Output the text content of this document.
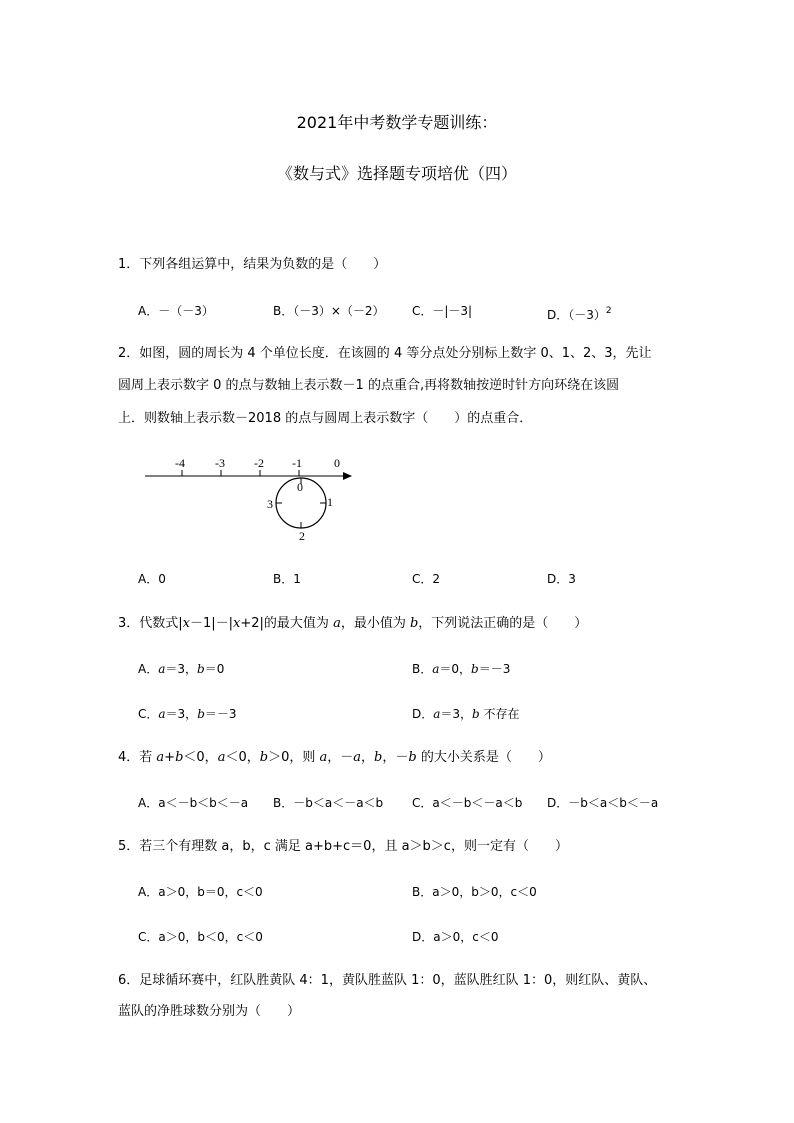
2021年中考数学专题训练：
《数与式》选择题专项培优（四）
1．下列各组运算中，结果为负数的是（　　）
A．－（－3）	B．（－3）×（－2） C．－|－3|	D．$(-3)^2$
2．如图，圆的周长为 4 个单位长度．在该圆的 4 等分点处分别标上数字 0、1、2、3，先让
圆周上表示数字 0 的点与数轴上表示数－1 的点重合,再将数轴按逆时针方向环绕在该圆
上．则数轴上表示数－2018 的点与圆周上表示数字（　　）的点重合．
-4	-3 -2 -1	0
0
1
2
3
A．0	B．1	C．2	D．3
3．代数式|x－1|－|x+2|的最大值为 a，最小值为 b，下列说法正确的是（　　）
A．a＝3，b＝0	B．a＝0，b＝－3
C．a＝3，b＝－3	D．a＝3，b 不存在
4．若 a+b＜0，a＜0，b＞0，则 a，－a，b，－b 的大小关系是（　　）
A．a＜－b＜b＜－a B．－b＜a＜－a＜b C．a＜－b＜－a＜b D．－b＜a＜b＜－a
5．若三个有理数 a，b，c 满足 a+b+c＝0，且 a＞b＞c，则一定有（　　）
A．a＞0，b＝0，c＜0	B．a＞0，b＞0，c＜0
C．a＞0，b＜0，c＜0	D．a＞0，c＜0
6．足球循环赛中，红队胜黄队 4：1，黄队胜蓝队 1：0，蓝队胜红队 1：0，则红队、黄队、
蓝队的净胜球数分别为（　　）
